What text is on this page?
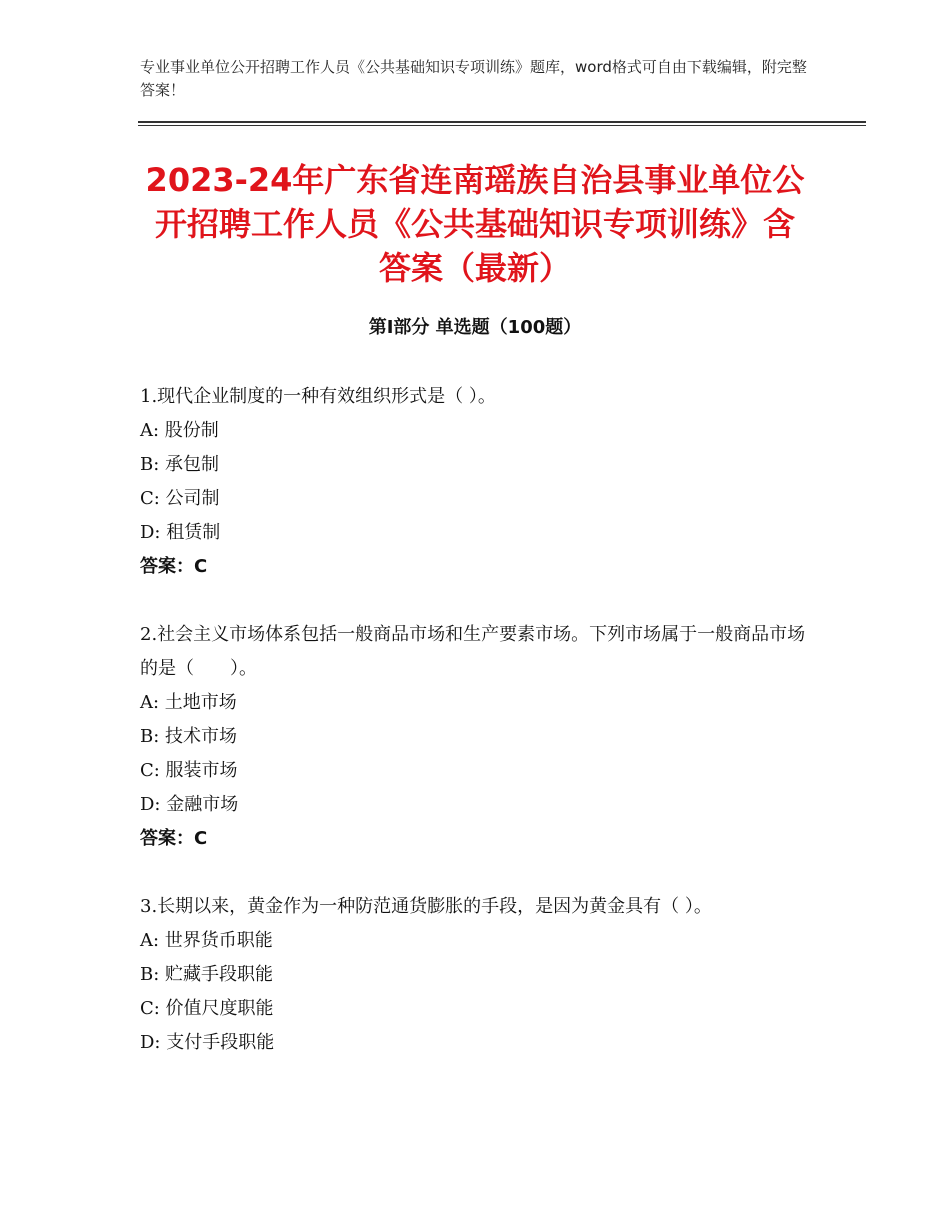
专业事业单位公开招聘工作人员《公共基础知识专项训练》题库，word格式可自由下载编辑，附完整答案！
2023-24年广东省连南瑶族自治县事业单位公开招聘工作人员《公共基础知识专项训练》含答案（最新）
第Ⅰ部分 单选题（100题）

1.现代企业制度的一种有效组织形式是（ ）。

A: 股份制

B: 承包制

C: 公司制

D: 租赁制

答案：C

2.社会主义市场体系包括一般商品市场和生产要素市场。下列市场属于一般商品市场的是（　　）。

A: 土地市场

B: 技术市场

C: 服装市场

D: 金融市场

答案：C

3.长期以来，黄金作为一种防范通货膨胀的手段，是因为黄金具有（ ）。

A: 世界货币职能

B: 贮藏手段职能

C: 价值尺度职能

D: 支付手段职能
